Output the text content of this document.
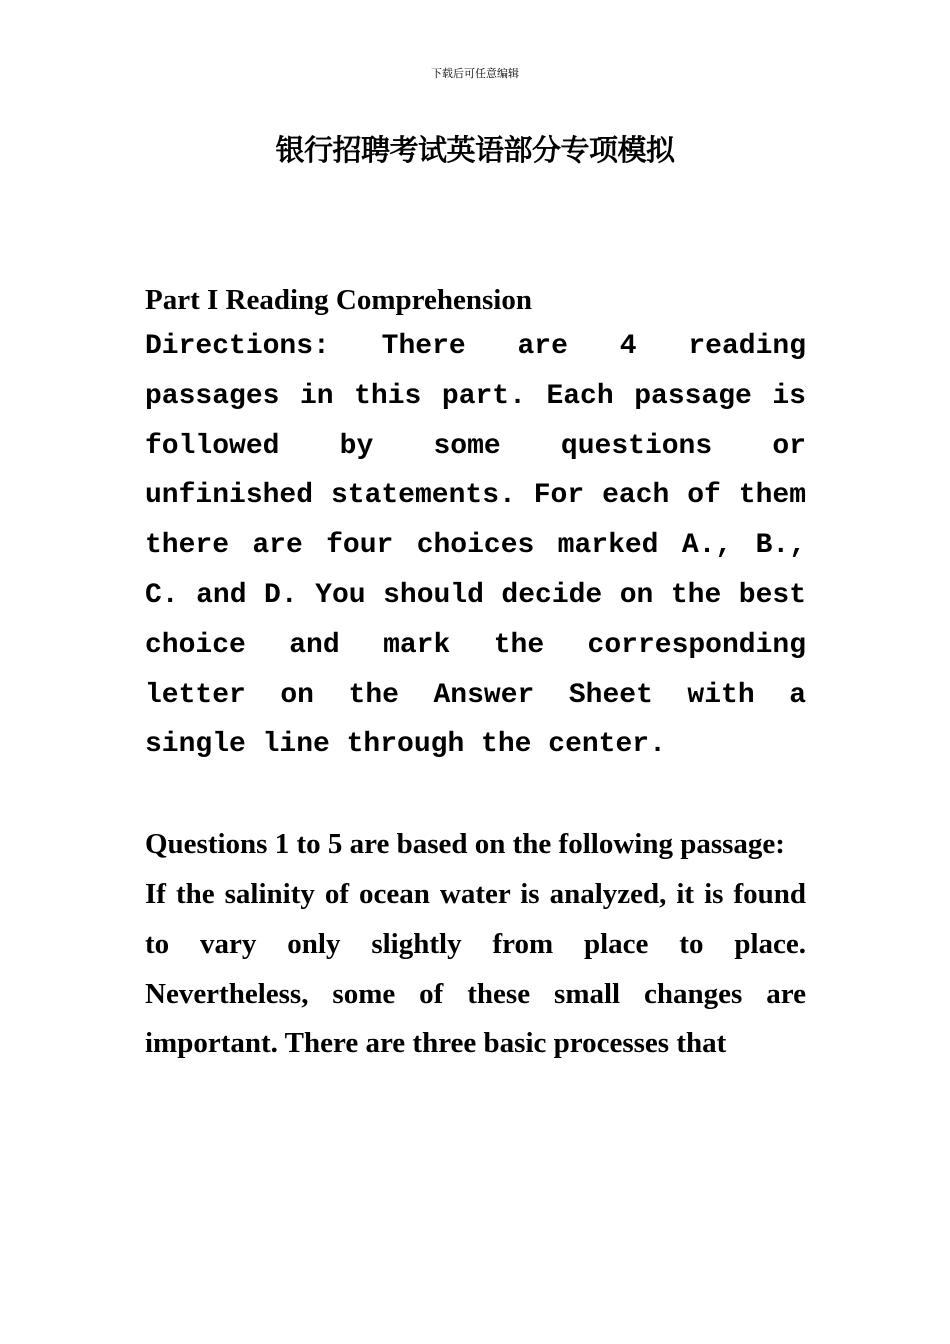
下载后可任意编辑
银行招聘考试英语部分专项模拟

Part I Reading Comprehension

Directions: There are 4 reading passages in this part. Each passage is followed by some questions or unfinished statements. For each of them there are four choices marked A., B., C. and D. You should decide on the best choice and mark the corresponding letter on the Answer Sheet with a single line through the center.

Questions 1 to 5 are based on the following passage:

If the salinity of ocean water is analyzed, it is found to vary only slightly from place to place. Nevertheless, some of these small changes are important. There are three basic processes that
